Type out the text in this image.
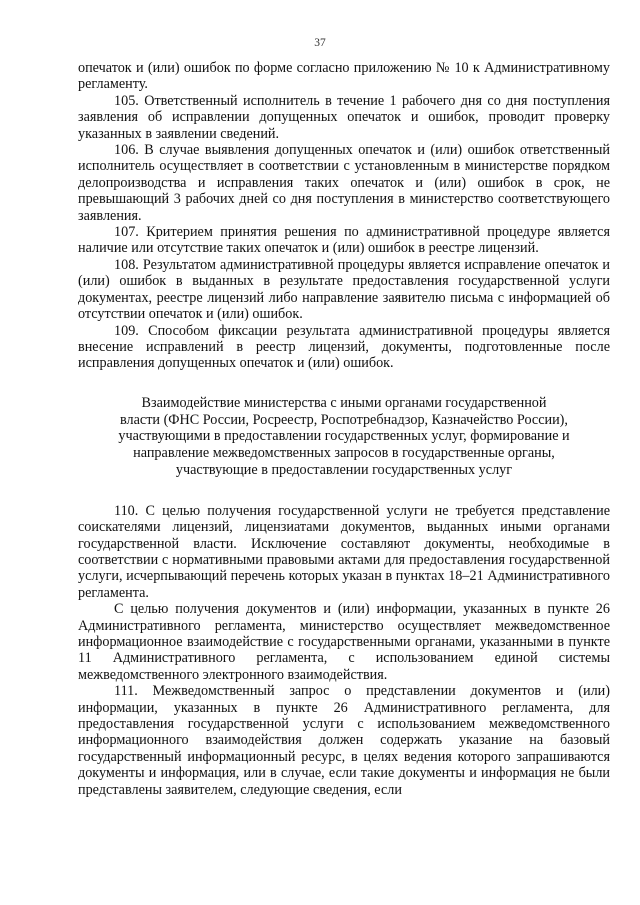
37

опечаток и (или) ошибок по форме согласно приложению № 10 к Административному регламенту.

105. Ответственный исполнитель в течение 1 рабочего дня со дня поступления заявления об исправлении допущенных опечаток и ошибок, проводит проверку указанных в заявлении сведений.

106. В случае выявления допущенных опечаток и (или) ошибок ответственный исполнитель осуществляет в соответствии с установленным в министерстве порядком делопроизводства и исправления таких опечаток и (или) ошибок в срок, не превышающий 3 рабочих дней со дня поступления в министерство соответствующего заявления.

107. Критерием принятия решения по административной процедуре является наличие или отсутствие таких опечаток и (или) ошибок в реестре лицензий.

108. Результатом административной процедуры является исправление опечаток и (или) ошибок в выданных в результате предоставления государственной услуги документах, реестре лицензий либо направление заявителю письма с информацией об отсутствии опечаток и (или) ошибок.

109. Способом фиксации результата административной процедуры является внесение исправлений в реестр лицензий, документы, подготовленные после исправления допущенных опечаток и (или) ошибок.

Взаимодействие министерства с иными органами государственной
власти (ФНС России, Росреестр, Роспотребнадзор, Казначейство России),
участвующими в предоставлении государственных услуг, формирование и
направление межведомственных запросов в государственные органы,
участвующие в предоставлении государственных услуг

110. С целью получения государственной услуги не требуется представление соискателями лицензий, лицензиатами документов, выданных иными органами государственной власти. Исключение составляют документы, необходимые в соответствии с нормативными правовыми актами для предоставления государственной услуги, исчерпывающий перечень которых указан в пунктах 18–21 Административного регламента.

С целью получения документов и (или) информации, указанных в пункте 26 Административного регламента, министерство осуществляет межведомственное информационное взаимодействие с государственными органами, указанными в пункте 11 Административного регламента, с использованием единой системы межведомственного электронного взаимодействия.

111. Межведомственный запрос о представлении документов и (или) информации, указанных в пункте 26 Административного регламента, для предоставления государственной услуги с использованием межведомственного информационного взаимодействия должен содержать указание на базовый государственный информационный ресурс, в целях ведения которого запрашиваются документы и информация, или в случае, если такие документы и информация не были представлены заявителем, следующие сведения, если
